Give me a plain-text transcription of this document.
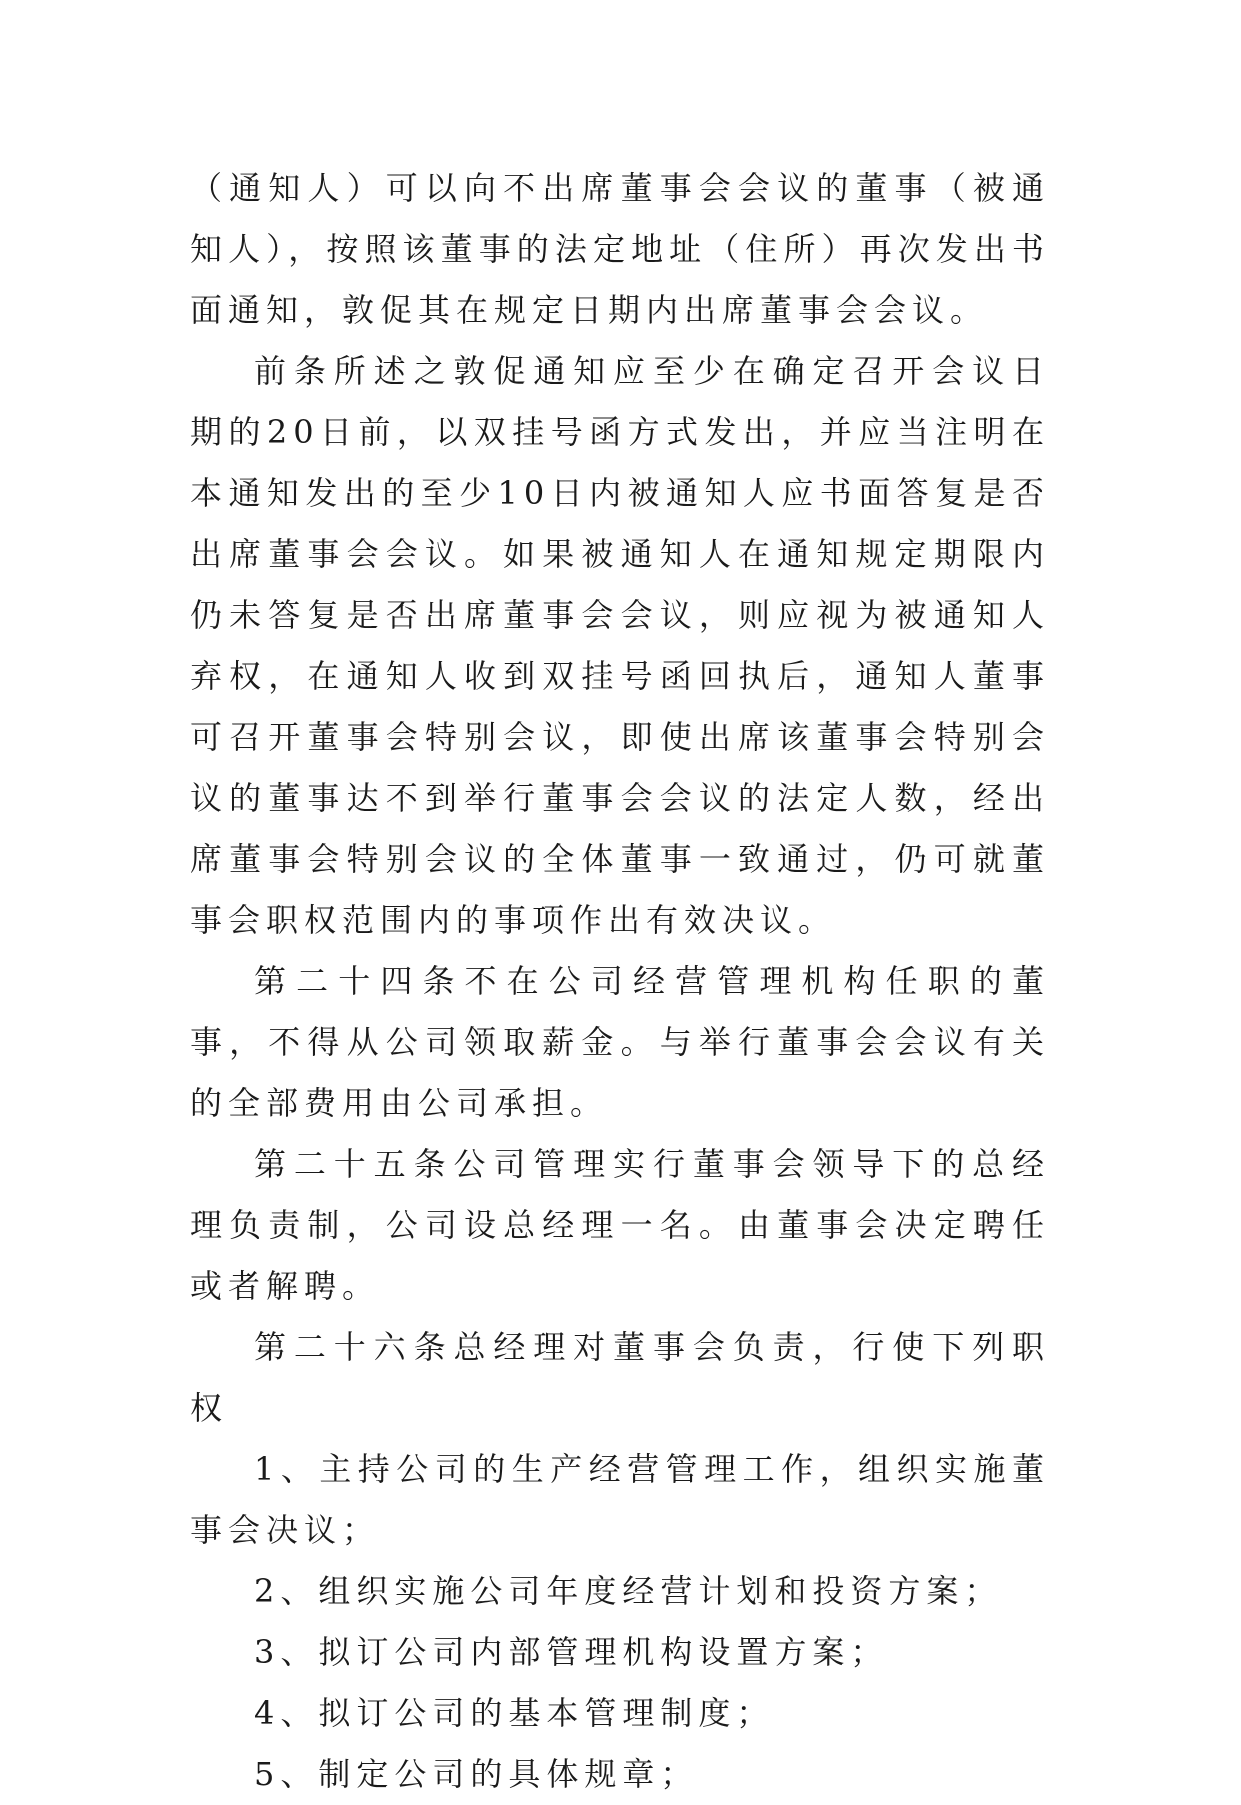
（通知人）可以向不出席董事会会议的董事（被通知人），按照该董事的法定地址（住所）再次发出书面通知，敦促其在规定日期内出席董事会会议。

前条所述之敦促通知应至少在确定召开会议日期的20日前，以双挂号函方式发出，并应当注明在本通知发出的至少10日内被通知人应书面答复是否出席董事会会议。如果被通知人在通知规定期限内仍未答复是否出席董事会会议，则应视为被通知人弃权，在通知人收到双挂号函回执后，通知人董事可召开董事会特别会议，即使出席该董事会特别会议的董事达不到举行董事会会议的法定人数，经出席董事会特别会议的全体董事一致通过，仍可就董事会职权范围内的事项作出有效决议。

第二十四条不在公司经营管理机构任职的董事，不得从公司领取薪金。与举行董事会会议有关的全部费用由公司承担。

第二十五条公司管理实行董事会领导下的总经理负责制，公司设总经理一名。由董事会决定聘任或者解聘。

第二十六条总经理对董事会负责，行使下列职权

1、主持公司的生产经营管理工作，组织实施董事会决议；

2、组织实施公司年度经营计划和投资方案；

3、拟订公司内部管理机构设置方案；

4、拟订公司的基本管理制度；

5、制定公司的具体规章；
